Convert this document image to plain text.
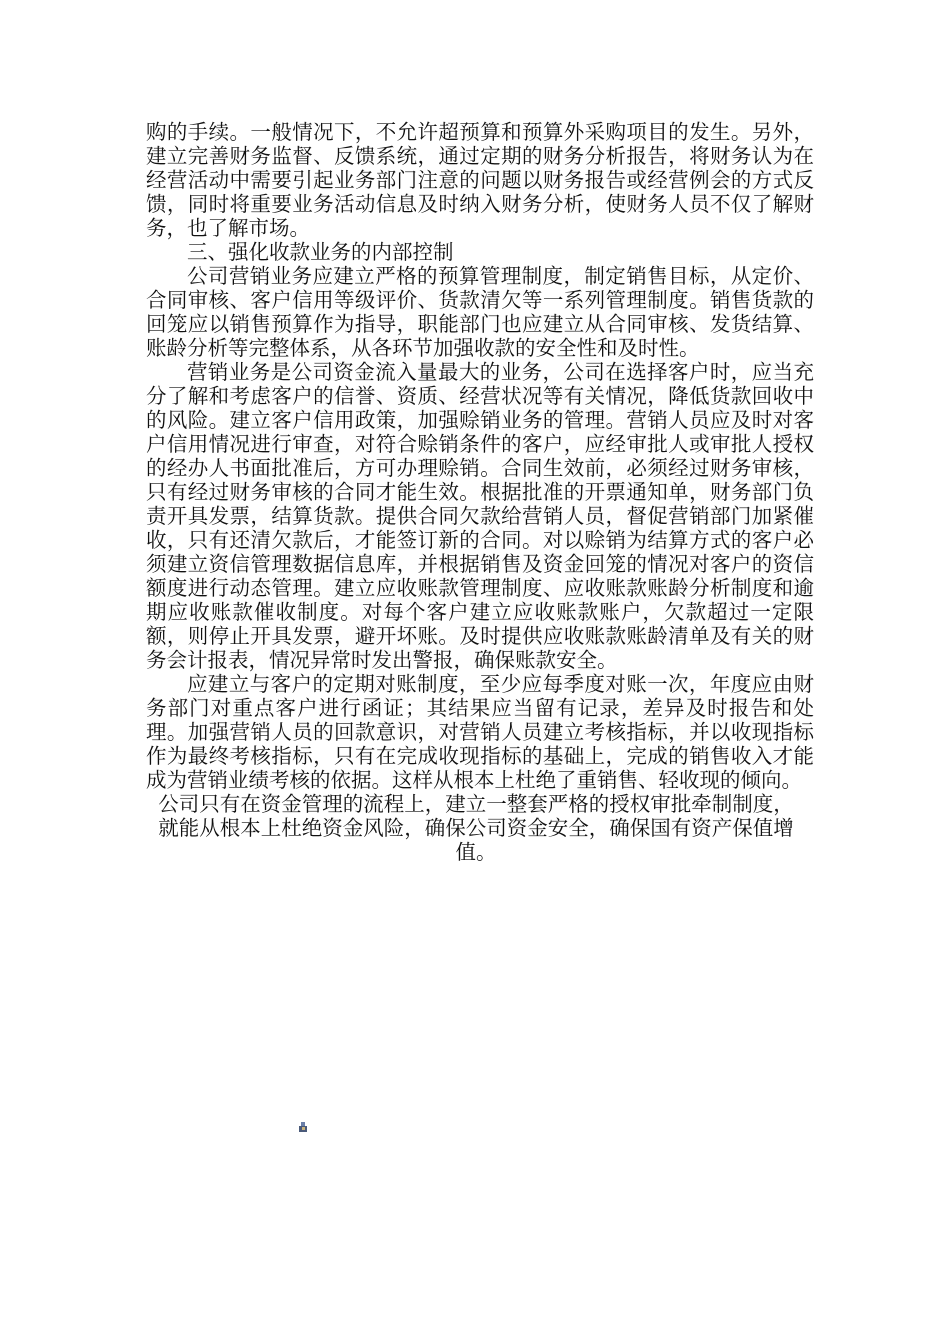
购的手续。一般情况下，不允许超预算和预算外采购项目的发生。另外，建立完善财务监督、反馈系统，通过定期的财务分析报告，将财务认为在经营活动中需要引起业务部门注意的问题以财务报告或经营例会的方式反馈，同时将重要业务活动信息及时纳入财务分析，使财务人员不仅了解财务，也了解市场。

三、强化收款业务的内部控制

公司营销业务应建立严格的预算管理制度，制定销售目标，从定价、合同审核、客户信用等级评价、货款清欠等一系列管理制度。销售货款的回笼应以销售预算作为指导，职能部门也应建立从合同审核、发货结算、账龄分析等完整体系，从各环节加强收款的安全性和及时性。

营销业务是公司资金流入量最大的业务，公司在选择客户时，应当充分了解和考虑客户的信誉、资质、经营状况等有关情况，降低货款回收中的风险。建立客户信用政策，加强赊销业务的管理。营销人员应及时对客户信用情况进行审查，对符合赊销条件的客户，应经审批人或审批人授权的经办人书面批准后，方可办理赊销。合同生效前，必须经过财务审核，只有经过财务审核的合同才能生效。根据批准的开票通知单，财务部门负责开具发票，结算货款。提供合同欠款给营销人员，督促营销部门加紧催收，只有还清欠款后，才能签订新的合同。对以赊销为结算方式的客户必须建立资信管理数据信息库，并根据销售及资金回笼的情况对客户的资信额度进行动态管理。建立应收账款管理制度、应收账款账龄分析制度和逾期应收账款催收制度。对每个客户建立应收账款账户，欠款超过一定限额，则停止开具发票，避开坏账。及时提供应收账款账龄清单及有关的财务会计报表，情况异常时发出警报，确保账款安全。

应建立与客户的定期对账制度，至少应每季度对账一次，年度应由财务部门对重点客户进行函证；其结果应当留有记录，差异及时报告和处理。加强营销人员的回款意识，对营销人员建立考核指标，并以收现指标作为最终考核指标，只有在完成收现指标的基础上，完成的销售收入才能成为营销业绩考核的依据。这样从根本上杜绝了重销售、轻收现的倾向。

公司只有在资金管理的流程上，建立一整套严格的授权审批牵制制度，就能从根本上杜绝资金风险，确保公司资金安全，确保国有资产保值增值。
